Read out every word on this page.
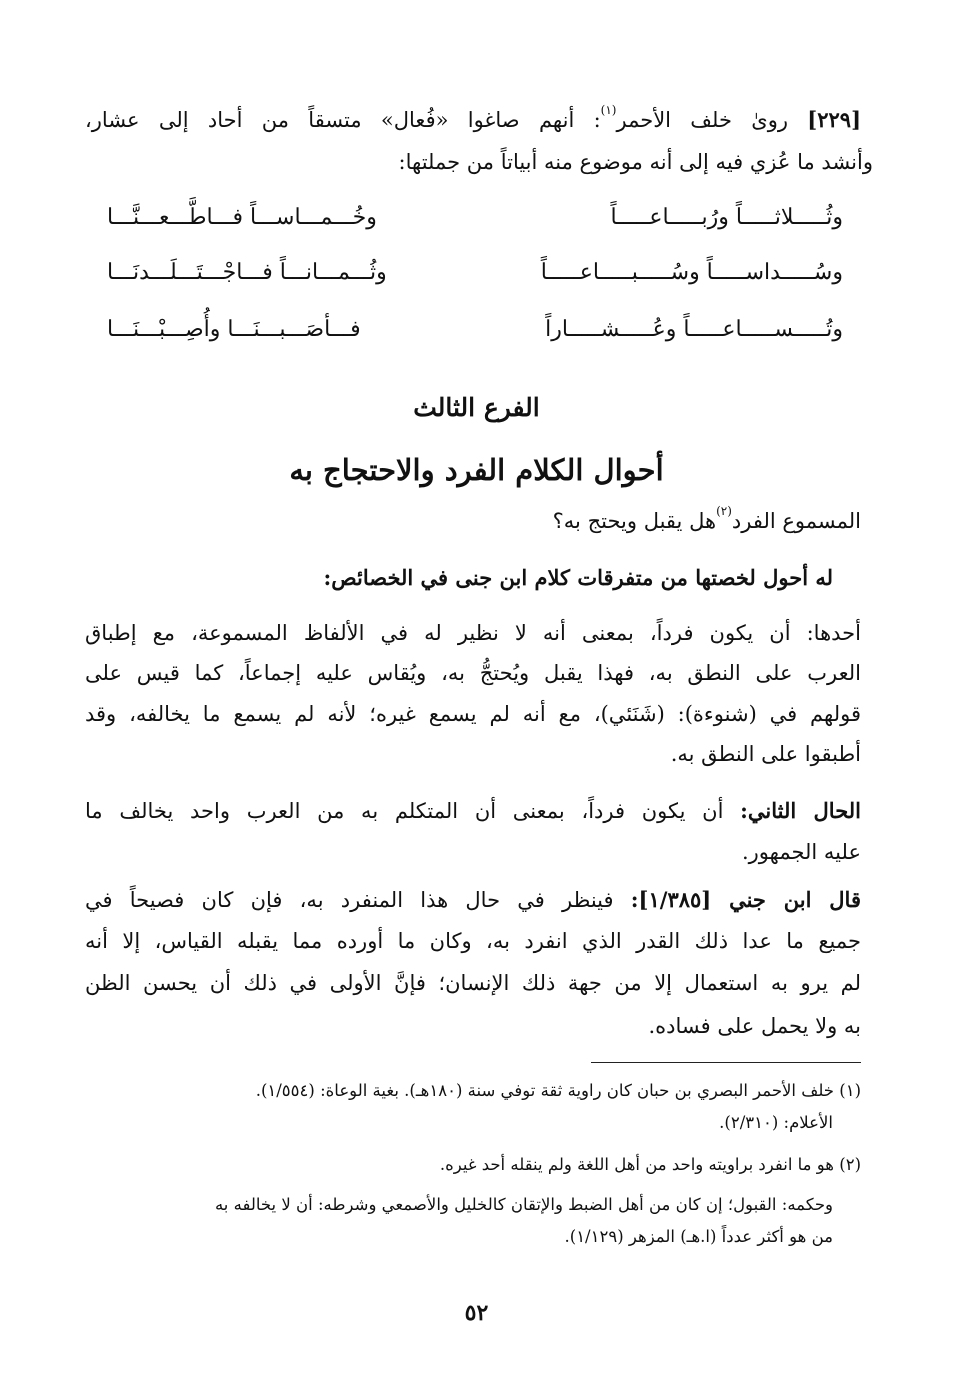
[٢٢٩] رویٰ خلف الأحمر$^{(١)}$: أنهم صاغوا «فُعال» متسقاً من أحاد إلى عشار،

وأنشد ما عُزي فيه إلى أنه موضوع منه أبياتاً من جملتها:

وثُـــــلاثـــــاً ورُبـــــاعـــــاً
وخُـــمـــاســـاً فـــاطَّـــعـــنَّـــا
وسُـــــداســـــاً وسُـــــبـــــاعـــــاً
وثُـــمـــانـــاً فـــاجْـــتَـــلَـــدنَـــا
وتُـــــســـــاعـــــاً وعُـــــشـــــاراً
فـــأصَـــبـــنَـــا وأُصِـــبْـــنَـــا
الفرع الثالث
أحوال الكلام الفرد والاحتجاج به

المسموع الفرد$^{(٢)}$هل يقبل ويحتج به؟

له أحول لخصتها من متفرقات كلام ابن جنى في الخصائص:

أحدها: أن يكون فرداً، بمعنى أنه لا نظير له في الألفاظ المسموعة، مع إطباق

العرب على النطق به، فهذا يقبل ويُحتجُّ به، ويُقاس عليه إجماعاً، كما قيس على

قولهم في (شنوءة): (شَنَئي)، مع أنه لم يسمع غيره؛ لأنه لم يسمع ما يخالفه، وقد

أطبقوا على النطق به.

الحال الثاني: أن يكون فرداً، بمعنى أن المتكلم به من العرب واحد يخالف ما

عليه الجمهور.

قال ابن جني [١/٣٨٥]: فينظر في حال هذا المنفرد به، فإن كان فصيحاً في

جميع ما عدا ذلك القدر الذي انفرد به، وكان ما أورده مما يقبله القياس، إلا أنه

لم يرو به استعمال إلا من جهة ذلك الإنسان؛ فإنَّ الأولى في ذلك أن يحسن الظن

به ولا يحمل على فساده.

(١) خلف الأحمر البصري بن حبان كان راوية ثقة توفي سنة (١٨٠هـ). بغية الوعاة: (١/٥٥٤).

الأعلام: (٢/٣١٠).

(٢) هو ما انفرد براويته واحد من أهل اللغة ولم ينقله أحد غيره.

وحكمه: القبول؛ إن كان من أهل الضبط والإتقان كالخليل والأصمعي وشرطه: أن لا يخالفه به

من هو أكثر عدداً (ا.هـ) المزهر (١/١٢٩).

٥٢
